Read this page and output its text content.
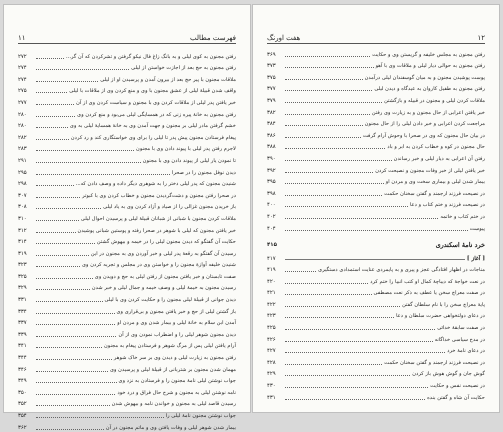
۱۱	فهرست مطالب
رفتن مجنون به کوی لیلی و به بانگ زاغ فال نیکو گرفتن و تشرکردن که آن گر...
۲۷۲
رفتن مجنون به حج بعد از اجازت خواستن از لیلی
۲۷۴
ملاقات مجنون با پیر حج بعد از بیرون آمدن و پرسیدن او از لیلی
۲۷۴
واقف شدن قبیلهٔ لیلی از عشق مجنون با وی و منع کردن وی از ملاقات با لیلی
۲۷۵
خبر یافتن پدر لیلی از ملاقات کردن وی با مجنون و سیاست کردن وی از آن
۲۷۷
رفتن مجنون به خانهٔ پیره زنی که در همسایگی لیلی می‌بود و منع کردن وی
۲۸۰
خشم گرفتن مادر لیلی بر مجنون و جهت آمدن وی به خانهٔ همسایهٔ لیلی به وی
۲۸۰
پیغام فرستادن مجنون پیش پدر تا لیلی را برای وی خواستگاری کند و رد کردن
۲۸۲
لاجرم رفتن پدر لیلی با پیوند دادن وی با مجنون
۲۸۳
تا نمودن یار لیلی از پیوند دادن وی با مجنون
۲۹۱
دیدن نوفل مجنون را در صحرا
۲۹۵
شنیدن مجنون که پدر لیلی دختر را به شوهری دیگر داده و وصف دادن که...
۲۹۸
در صحرا رفتن مجنون و دشت‌گردیدن مجنون و خطاب کردن وی با کبوتر
۳۰۷
باز خریدن مجنون غزالی را از صیاد و آزاد کردن وی به یاد لیلی
۳۰۸
ملاقات کردن مجنون با شبانی از شبانان قبیلهٔ لیلی و پرسیدن احوال لیلی
۳۱۰
خبر یافتن مجنون که لیلی با شوهر در صحرا رفته و پوستین شبانی پوشیدن
۳۱۲
حکایت آن گفتگو که دیدن مجنون لیلی را در خیمه و بیهوش گشتن
۳۱۴
رسیدن آن گفتگو به رقعهٔ پدر لیلی و خبر آوردن وی به مجنون در این
۳۱۹
شنیدن خلیفه آوازهٔ مجنون را و خواستن وی در مجلس و تجربه کردن وی
۳۲۳
صفت تابستان و خبر یافتن مجنون از رفتن لیلی به حج و دویدن وی
۳۲۵
رسیدن مجنون به خیمهٔ لیلی و وصف خیمه و جمال لیلی و خبر شدن
۳۲۹
دیدن جوانی از قبیلهٔ لیلی مجنون را و حکایت کردن وی با لیلی
۳۳۱
باز گشتن لیلی از حج و خبر یافتن مجنون و بی‌قراری وی
۳۳۴
آمدن ابن سلام به خانهٔ لیلی و بیمار شدن وی و مردن او
۳۳۷
دیدن مجنون شوهر لیلی را و اضطراب نمودن وی از آن
۳۳۹
آرام یافتن لیلی پس از مرگ شوهر و فرستادن پیغام به مجنون
۳۴۱
رفتن مجنون به زیارت لیلی و دیدن وی بر سر خاک شوهر
۳۴۴
مهمان شدن مجنون بر شتربانی از قبیلهٔ لیلی و پرسیدن وی
۳۴۶
جواب نوشتن لیلی نامهٔ مجنون را و فرستادن به نزد وی
۳۴۹
نامه نوشتن لیلی به مجنون و شرح حال فراق و درد خود
۳۵۰
رسیدن قاصد لیلی به مجنون و خواندن نامه و بیهوش شدن
۳۵۲
جواب نوشتن مجنون نامهٔ لیلی را
۳۵۴
بیمار شدن شوهر لیلی و وفات یافتن وی و ماتم مجنون در آن
۳۶۲
هفت اورنگ	۱۲
رفتن مجنون به مجلس خلیفه و گریستن وی و حکایت
۳۶۹
رفتن مجنون به حوالی دیار لیلی و ملاقات وی با آهو
۳۷۳
پوست پوشیدن مجنون و به میان گوسفندان لیلی درآمدن
۳۷۵
رفتن مجنون به طفیل کاروان به عیدگاه و دیدن لیلی
۳۷۷
ملاقات کردن لیلی و مجنون در قبیله و بازگشتن
۳۷۹
خبر یافتن اعرابی از حال مجنون و به زیارت وی رفتن
۳۸۲
مراجعت کردن اعرابی و خبر دادن لیلی را از حال مجنون
۳۸۴
در بیان حال مجنون که وی در صحرا با وحوش آرام گرفت
۳۸۶
حال مجنون در کوه و خطاب کردن به ابر و باد
۳۸۸
رفتن آن اعرابی به دیار لیلی و خبر رساندن
۳۹۰
خبر یافتن لیلی از خبر وفات مجنون و نصیحت کردن
۳۹۲
بیمار شدن لیلی و بیماری سخت وی و مردن او
۳۹۵
در نصیحت فرزند ارجمند و گفتن سخنان حکمت
۳۹۸
در نصیحت فرزند و ختم کتاب و دعا
۴۰۰
در ختم کتاب و خاتمه
۴۰۲
پیوست
۴۰۴
خرد نامهٔ اسکندری
۴۱۵
[ آغاز ]
۴۱۷
مناجات در اظهار افتادگی عجز و پیری و به پایمردی عنایت استمدادی دستگیری
۴۱۹
در نعت خواجهٔ که دیباچهٔ کمال او کتب انبیا را ختم کرد
۴۲۰
در صفت معراج سخن یا عطف به ذکر نعت مصطفی
۴۲۱
پایهٔ معراج سخن را با نام سلطان گفتن
۴۲۲
در دعای دولتخواهی حضرت سلطان و دعا
۴۲۳
در صفت سابقهٔ خدائی
۴۲۵
در مدح سیاسی خداگانه
۴۲۶
در دعای نامهٔ خرد
۴۲۷
در نصیحت فرزند ارجمند و گفتن سخنان حکمت
۴۲۸
گوش جان و گوش هوش باز کردن
۴۲۹
در نصیحت نفس و حکایت
۴۳۰
حکایت آن شاه و گفتن بنده
۴۳۱
